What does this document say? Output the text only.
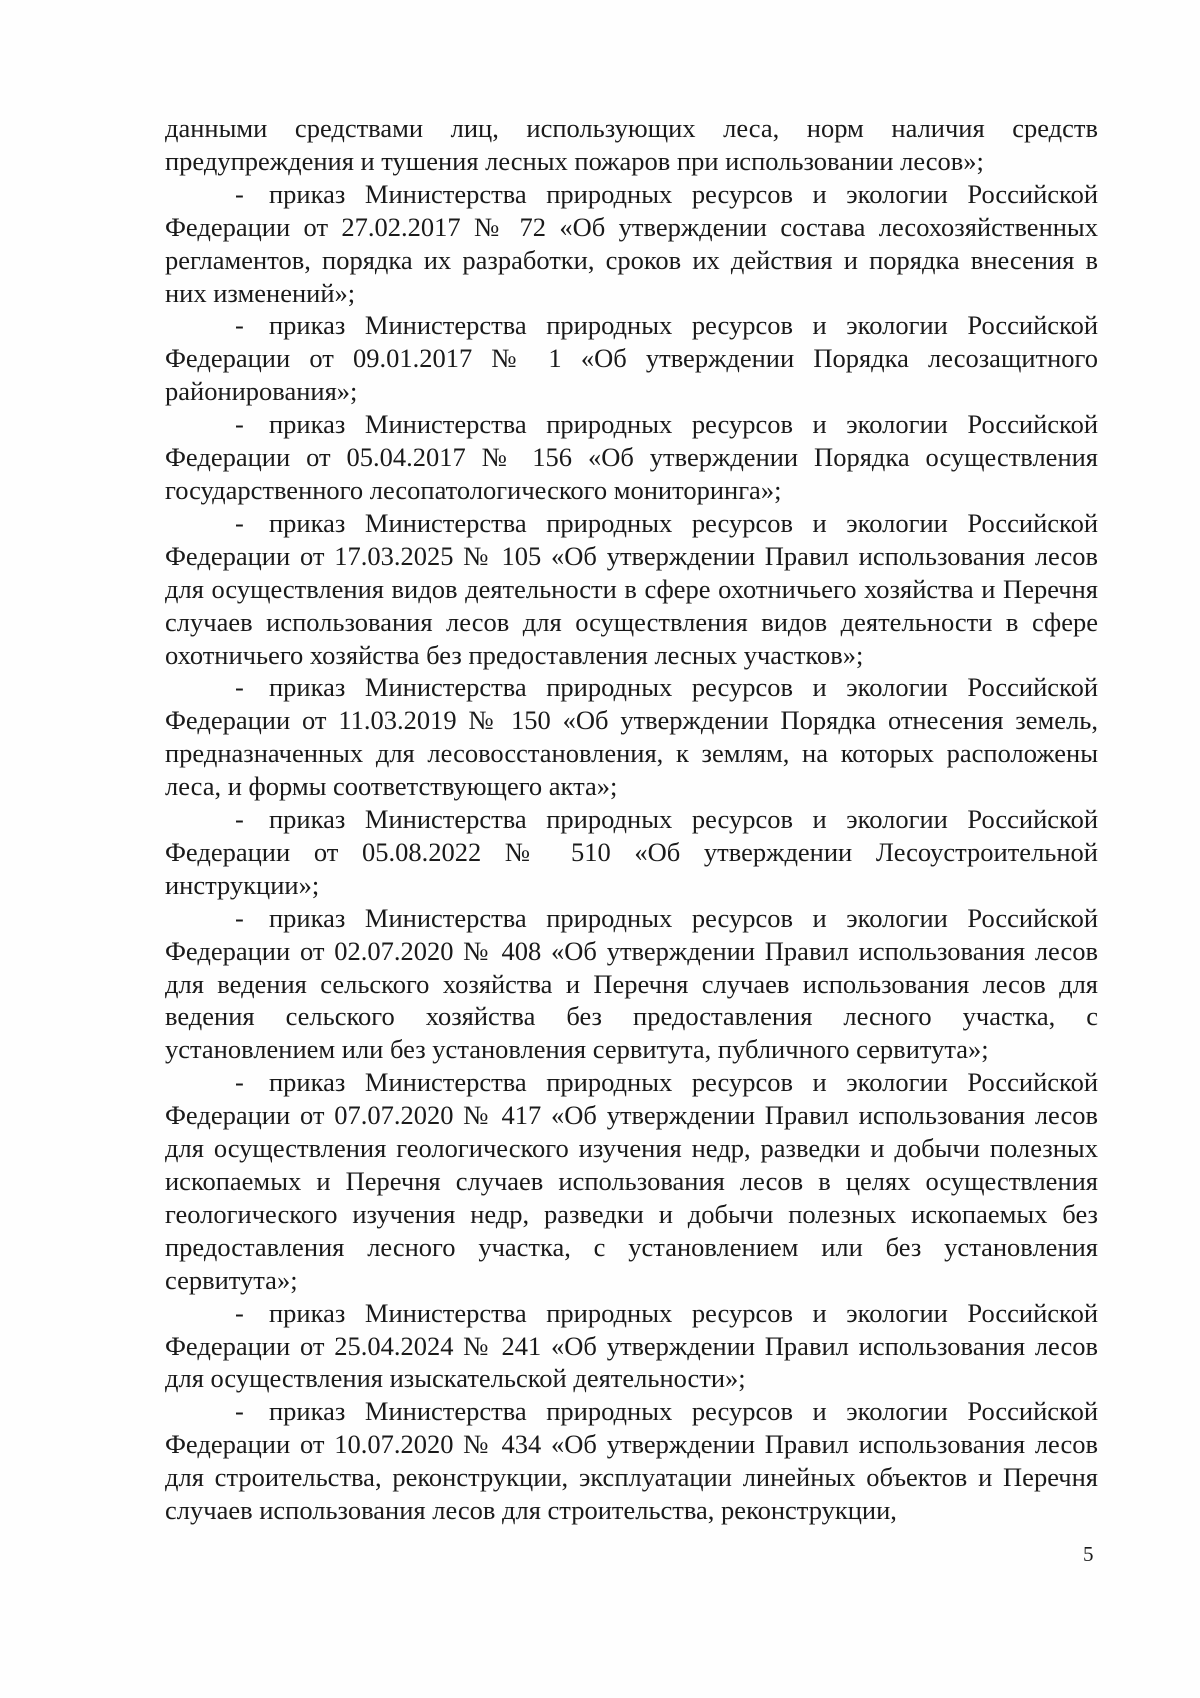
данными средствами лиц, использующих леса, норм наличия средств предупреждения и тушения лесных пожаров при использовании лесов»;

- приказ Министерства природных ресурсов и экологии Российской Федерации от 27.02.2017 № 72 «Об утверждении состава лесохозяйственных регламентов, порядка их разработки, сроков их действия и порядка внесения в них изменений»;

- приказ Министерства природных ресурсов и экологии Российской Федерации от 09.01.2017 № 1 «Об утверждении Порядка лесозащитного районирования»;

- приказ Министерства природных ресурсов и экологии Российской Федерации от 05.04.2017 № 156 «Об утверждении Порядка осуществления государственного лесопатологического мониторинга»;

- приказ Министерства природных ресурсов и экологии Российской Федерации от 17.03.2025 № 105 «Об утверждении Правил использования лесов для осуществления видов деятельности в сфере охотничьего хозяйства и Перечня случаев использования лесов для осуществления видов деятельности в сфере охотничьего хозяйства без предоставления лесных участков»;

- приказ Министерства природных ресурсов и экологии Российской Федерации от 11.03.2019 № 150 «Об утверждении Порядка отнесения земель, предназначенных для лесовосстановления, к землям, на которых расположены леса, и формы соответствующего акта»;

- приказ Министерства природных ресурсов и экологии Российской Федерации от 05.08.2022 № 510 «Об утверждении Лесоустроительной инструкции»;

- приказ Министерства природных ресурсов и экологии Российской Федерации от 02.07.2020 № 408 «Об утверждении Правил использования лесов для ведения сельского хозяйства и Перечня случаев использования лесов для ведения сельского хозяйства без предоставления лесного участка, с установлением или без установления сервитута, публичного сервитута»;

- приказ Министерства природных ресурсов и экологии Российской Федерации от 07.07.2020 № 417 «Об утверждении Правил использования лесов для осуществления геологического изучения недр, разведки и добычи полезных ископаемых и Перечня случаев использования лесов в целях осуществления геологического изучения недр, разведки и добычи полезных ископаемых без предоставления лесного участка, с установлением или без установления сервитута»;

- приказ Министерства природных ресурсов и экологии Российской Федерации от 25.04.2024 № 241 «Об утверждении Правил использования лесов для осуществления изыскательской деятельности»;

- приказ Министерства природных ресурсов и экологии Российской Федерации от 10.07.2020 № 434 «Об утверждении Правил использования лесов для строительства, реконструкции, эксплуатации линейных объектов и Перечня случаев использования лесов для строительства, реконструкции,

5
